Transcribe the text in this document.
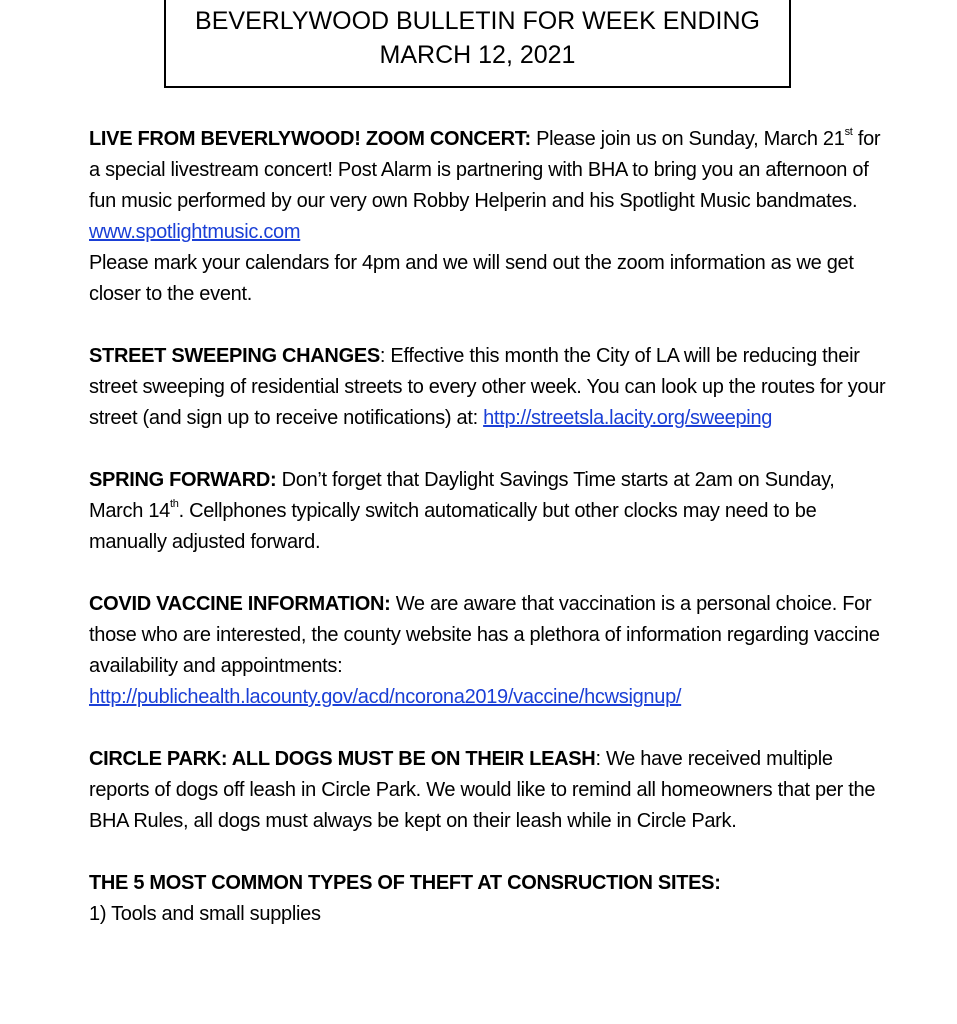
BEVERLYWOOD BULLETIN FOR WEEK ENDING
MARCH 12, 2021

LIVE FROM BEVERLYWOOD! ZOOM CONCERT: Please join us on Sunday, March 21st for a special livestream concert! Post Alarm is partnering with BHA to bring you an afternoon of fun music performed by our very own Robby Helperin and his Spotlight Music bandmates. www.spotlightmusic.com

Please mark your calendars for 4pm and we will send out the zoom information as we get closer to the event.

STREET SWEEPING CHANGES: Effective this month the City of LA will be reducing their street sweeping of residential streets to every other week. You can look up the routes for your street (and sign up to receive notifications) at: http://streetsla.lacity.org/sweeping

SPRING FORWARD: Don’t forget that Daylight Savings Time starts at 2am on Sunday, March 14th. Cellphones typically switch automatically but other clocks may need to be manually adjusted forward.

COVID VACCINE INFORMATION: We are aware that vaccination is a personal choice. For those who are interested, the county website has a plethora of information regarding vaccine availability and appointments: http://publichealth.lacounty.gov/acd/ncorona2019/vaccine/hcwsignup/

CIRCLE PARK: ALL DOGS MUST BE ON THEIR LEASH: We have received multiple reports of dogs off leash in Circle Park. We would like to remind all homeowners that per the BHA Rules, all dogs must always be kept on their leash while in Circle Park.

THE 5 MOST COMMON TYPES OF THEFT AT CONSRUCTION SITES:

1) Tools and small supplies
